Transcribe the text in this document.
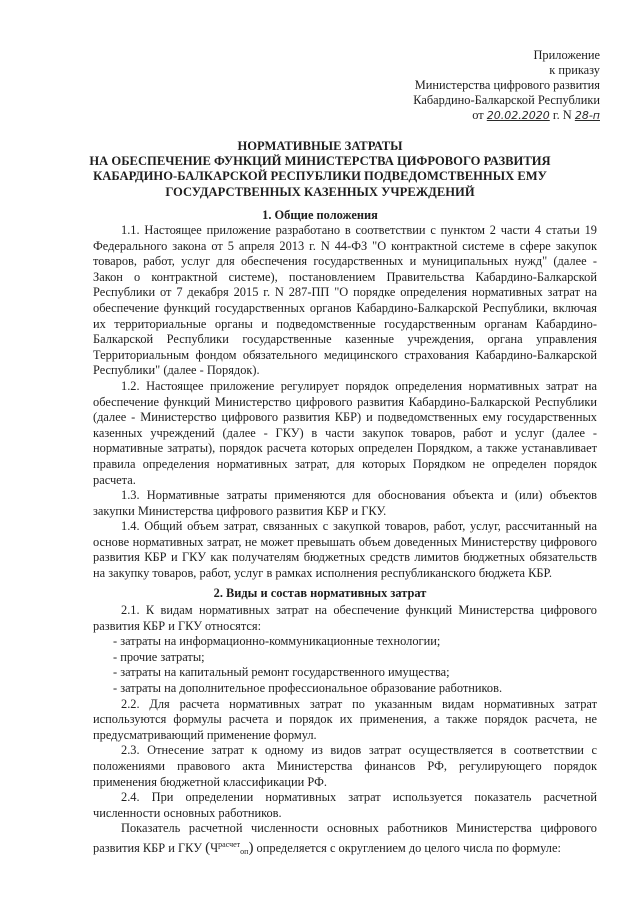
Приложение
к приказу
Министерства цифрового развития
Кабардино-Балкарской Республики
от 20.02.2020 г. N 28-п
НОРМАТИВНЫЕ ЗАТРАТЫ
НА ОБЕСПЕЧЕНИЕ ФУНКЦИЙ МИНИСТЕРСТВА ЦИФРОВОГО РАЗВИТИЯ
КАБАРДИНО-БАЛКАРСКОЙ РЕСПУБЛИКИ ПОДВЕДОМСТВЕННЫХ ЕМУ
ГОСУДАРСТВЕННЫХ КАЗЕННЫХ УЧРЕЖДЕНИЙ
1. Общие положения

1.1. Настоящее приложение разработано в соответствии с пунктом 2 части 4 статьи 19 Федерального закона от 5 апреля 2013 г. N 44-ФЗ "О контрактной системе в сфере закупок товаров, работ, услуг для обеспечения государственных и муниципальных нужд" (далее - Закон о контрактной системе), постановлением Правительства Кабардино-Балкарской Республики от 7 декабря 2015 г. N 287-ПП "О порядке определения нормативных затрат на обеспечение функций государственных органов Кабардино-Балкарской Республики, включая их территориальные органы и подведомственные государственным органам Кабардино-Балкарской Республики государственные казенные учреждения, органа управления Территориальным фондом обязательного медицинского страхования Кабардино-Балкарской Республики" (далее - Порядок).

1.2. Настоящее приложение регулирует порядок определения нормативных затрат на обеспечение функций Министерство цифрового развития Кабардино-Балкарской Республики (далее - Министерство цифрового развития КБР) и подведомственных ему государственных казенных учреждений (далее - ГКУ) в части закупок товаров, работ и услуг (далее - нормативные затраты), порядок расчета которых определен Порядком, а также устанавливает правила определения нормативных затрат, для которых Порядком не определен порядок расчета.

1.3. Нормативные затраты применяются для обоснования объекта и (или) объектов закупки Министерства цифрового развития КБР и ГКУ.

1.4. Общий объем затрат, связанных с закупкой товаров, работ, услуг, рассчитанный на основе нормативных затрат, не может превышать объем доведенных Министерству цифрового развития КБР и ГКУ как получателям бюджетных средств лимитов бюджетных обязательств на закупку товаров, работ, услуг в рамках исполнения республиканского бюджета КБР.

2. Виды и состав нормативных затрат

2.1. К видам нормативных затрат на обеспечение функций Министерства цифрового развития КБР и ГКУ относятся:

- затраты на информационно-коммуникационные технологии;

- прочие затраты;

- затраты на капитальный ремонт государственного имущества;

- затраты на дополнительное профессиональное образование работников.

2.2. Для расчета нормативных затрат по указанным видам нормативных затрат используются формулы расчета и порядок их применения, а также порядок расчета, не предусматривающий применение формул.

2.3. Отнесение затрат к одному из видов затрат осуществляется в соответствии с положениями правового акта Министерства финансов РФ, регулирующего порядок применения бюджетной классификации РФ.

2.4. При определении нормативных затрат используется показатель расчетной численности основных работников.

Показатель расчетной численности основных работников Министерства цифрового развития КБР и ГКУ $(Ч^{расчет}_{оп})$ определяется с округлением до целого числа по формуле:
